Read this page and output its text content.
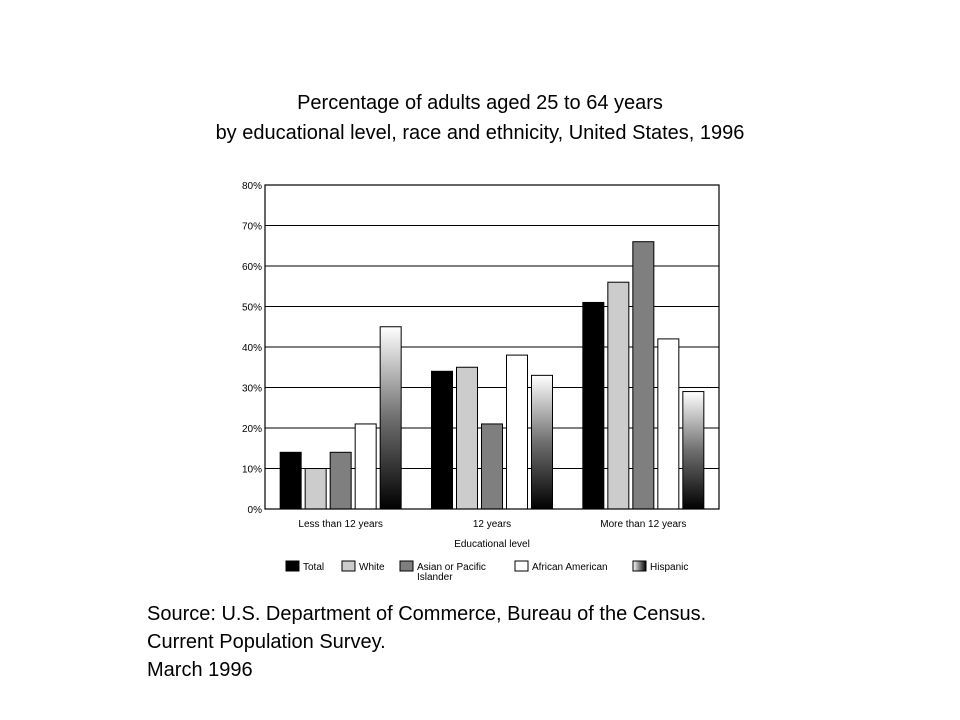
Percentage of adults aged 25 to 64 years
by educational level, race and ethnicity, United States, 1996
0%
10%
20%
30%
40%
50%
60%
70%
80%
Less than 12 years	12 years	More than 12 years
Educational level
Total	White	Asian or Pacific Islander
African American	Hispanic
Source: U.S. Department of Commerce, Bureau of the Census.
Current Population Survey.
March 1996
